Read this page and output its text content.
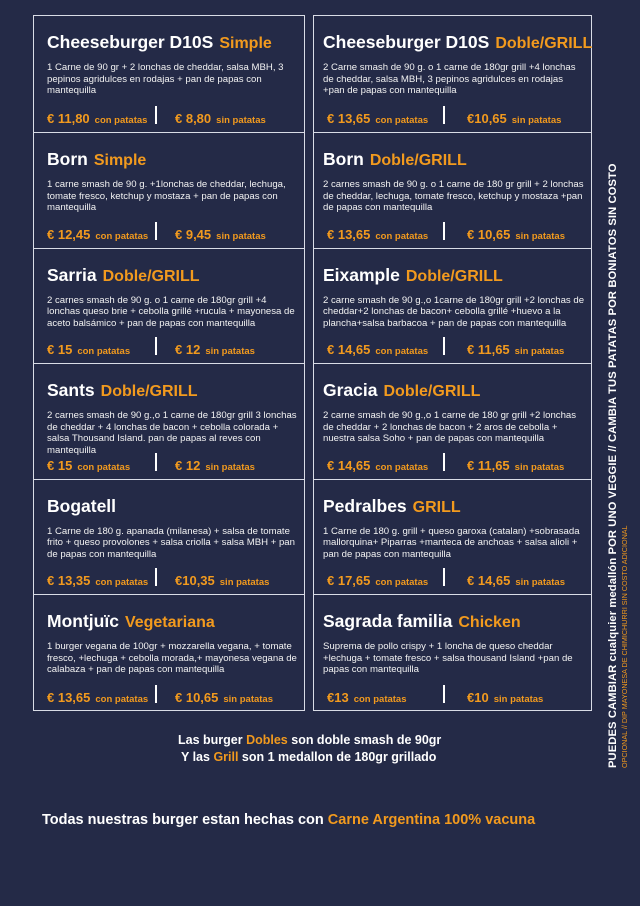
Cheeseburger D10S Simple
1 Carne de 90 gr + 2 lonchas de cheddar, salsa MBH, 3 pepinos agridulces en rodajas + pan de papas con mantequilla
€ 11,80 con patatas € 8,80 sin patatas
Born Simple
1 carne smash de 90 g. +1lonchas de cheddar, lechuga, tomate fresco, ketchup y mostaza + pan de papas con mantequilla
€ 12,45 con patatas € 9,45 sin patatas
Sarria Doble/GRILL
2 carnes smash de 90 g. o 1 carne de 180gr grill +4 lonchas queso brie + cebolla grillé +rucula + mayonesa de aceto balsámico + pan de papas con mantequilla
€ 15 con patatas	€ 12 sin patatas
Sants Doble/GRILL
2 carnes smash de 90 g.,o 1 carne de 180gr grill 3 lonchas de cheddar + 4 lonchas de bacon + cebolla colorada + salsa Thousand Island. pan de papas al reves con mantequilla
€ 15 con patatas	€ 12 sin patatas
Bogatell
1 Carne de 180 g. apanada (milanesa) + salsa de tomate frito + queso provolones + salsa criolla + salsa MBH + pan de papas con mantequilla
€ 13,35 con patatas €10,35 sin patatas
Montjuïc Vegetariana
1 burger vegana de 100gr + mozzarella vegana, + tomate fresco, +lechuga + cebolla morada,+ mayonesa vegana de calabaza + pan de papas con mantequilla
€ 13,65 con patatas € 10,65 sin patatas
Cheeseburger D10S Doble/GRILL
2 Carne smash de 90 g. o 1 carne de 180gr grill +4 lonchas de cheddar, salsa MBH, 3 pepinos agridulces en rodajas +pan de papas con mantequilla
€ 13,65 con patatas	€10,65 sin patatas
Born Doble/GRILL
2 carnes smash de 90 g. o 1 carne de 180 gr grill + 2 lonchas de cheddar, lechuga, tomate fresco, ketchup y mostaza +pan de papas con mantequilla
€ 13,65 con patatas	€ 10,65 sin patatas
Eixample Doble/GRILL
2 carne smash de 90 g.,o 1carne de 180gr grill +2 lonchas de cheddar+2 lonchas de bacon+ cebolla grillé +huevo a la plancha+salsa barbacoa + pan de papas con mantequilla
€ 14,65 con patatas	€ 11,65 sin patatas
Gracia Doble/GRILL
2 carne smash de 90 g.,o 1 carne de 180 gr grill +2 lonchas de cheddar + 2 lonchas de bacon + 2 aros de cebolla + nuestra salsa Soho + pan de papas con mantequilla
€ 14,65 con patatas	€ 11,65 sin patatas
Pedralbes GRILL
1 Carne de 180 g. grill + queso garoxa (catalan) +sobrasada mallorquina+ Piparras +manteca de anchoas + salsa alioli + pan de papas con mantequilla
€ 17,65 con patatas	€ 14,65 sin patatas
Sagrada familia Chicken
Suprema de pollo crispy + 1 loncha de queso cheddar +lechuga + tomate fresco + salsa thousand Island +pan de papas con mantequilla
€13 con patatas	€10 sin patatas	PUEDES CAMBIAR cualquier medallón POR UNO VEGGIE // CAMBIA TUS PATATAS POR BONIATOS SIN COSTO OPCIONAL // DIP MAYONESA DE CHIMICHURRI SIN COSTO ADICIONAL
Las burger Dobles son doble smash de 90gr
Y las Grill son 1 medallon de 180gr grillado
Todas nuestras burger estan hechas con Carne Argentina 100% vacuna
